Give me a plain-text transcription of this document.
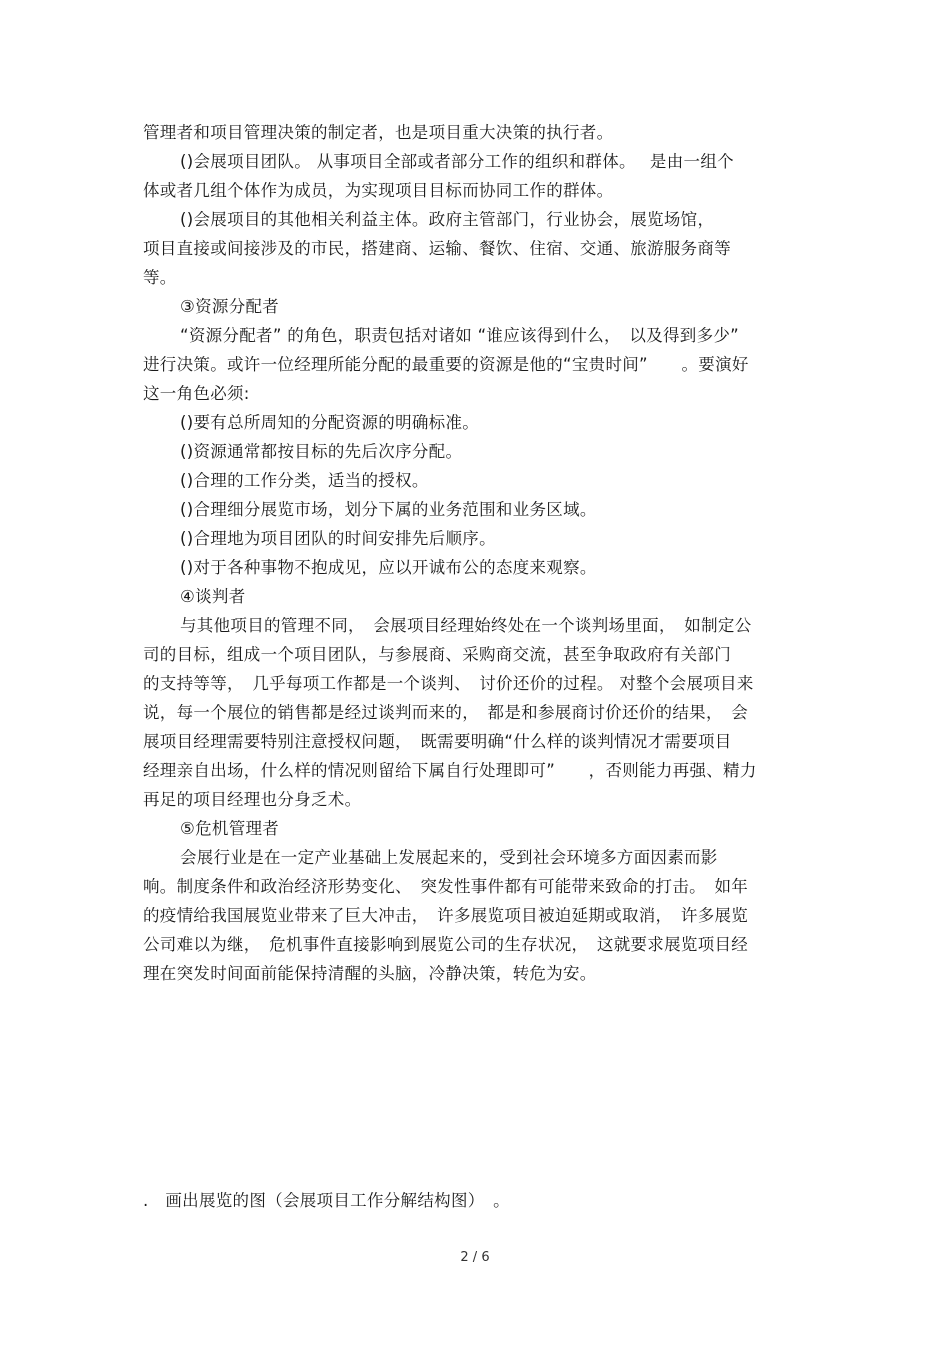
管理者和项目管理决策的制定者，也是项目重大决策的执行者。
()会展项目团队。 从事项目全部或者部分工作的组织和群体。　 是由一组个
体或者几组个体作为成员，为实现项目目标而协同工作的群体。
()会展项目的其他相关利益主体。政府主管部门，行业协会，展览场馆，
项目直接或间接涉及的市民，搭建商、运输、餐饮、住宿、交通、旅游服务商等
等。
③资源分配者
“资源分配者” 的角色，职责包括对诸如 “谁应该得到什么，　以及得到多少”
进行决策。或许一位经理所能分配的最重要的资源是他的“宝贵时间”　　。要演好
这一角色必须:
()要有总所周知的分配资源的明确标准。
()资源通常都按目标的先后次序分配。
()合理的工作分类，适当的授权。
()合理细分展览市场，划分下属的业务范围和业务区域。
()合理地为项目团队的时间安排先后顺序。
()对于各种事物不抱成见，应以开诚布公的态度来观察。
④谈判者
与其他项目的管理不同，　会展项目经理始终处在一个谈判场里面，　如制定公
司的目标，组成一个项目团队，与参展商、采购商交流，甚至争取政府有关部门
的支持等等，　几乎每项工作都是一个谈判、　讨价还价的过程。 对整个会展项目来
说，每一个展位的销售都是经过谈判而来的，　都是和参展商讨价还价的结果，　会
展项目经理需要特别注意授权问题，　既需要明确“什么样的谈判情况才需要项目
经理亲自出场，什么样的情况则留给下属自行处理即可”　　，否则能力再强、精力
再足的项目经理也分身乏术。
⑤危机管理者
会展行业是在一定产业基础上发展起来的，受到社会环境多方面因素而影
响。制度条件和政治经济形势变化、　突发性事件都有可能带来致命的打击。　如年
的疫情给我国展览业带来了巨大冲击，　许多展览项目被迫延期或取消，　许多展览
公司难以为继，　危机事件直接影响到展览公司的生存状况，　这就要求展览项目经
理在突发时间面前能保持清醒的头脑，冷静决策，转危为安。
.　画出展览的图（会展项目工作分解结构图）　。
2 / 6
